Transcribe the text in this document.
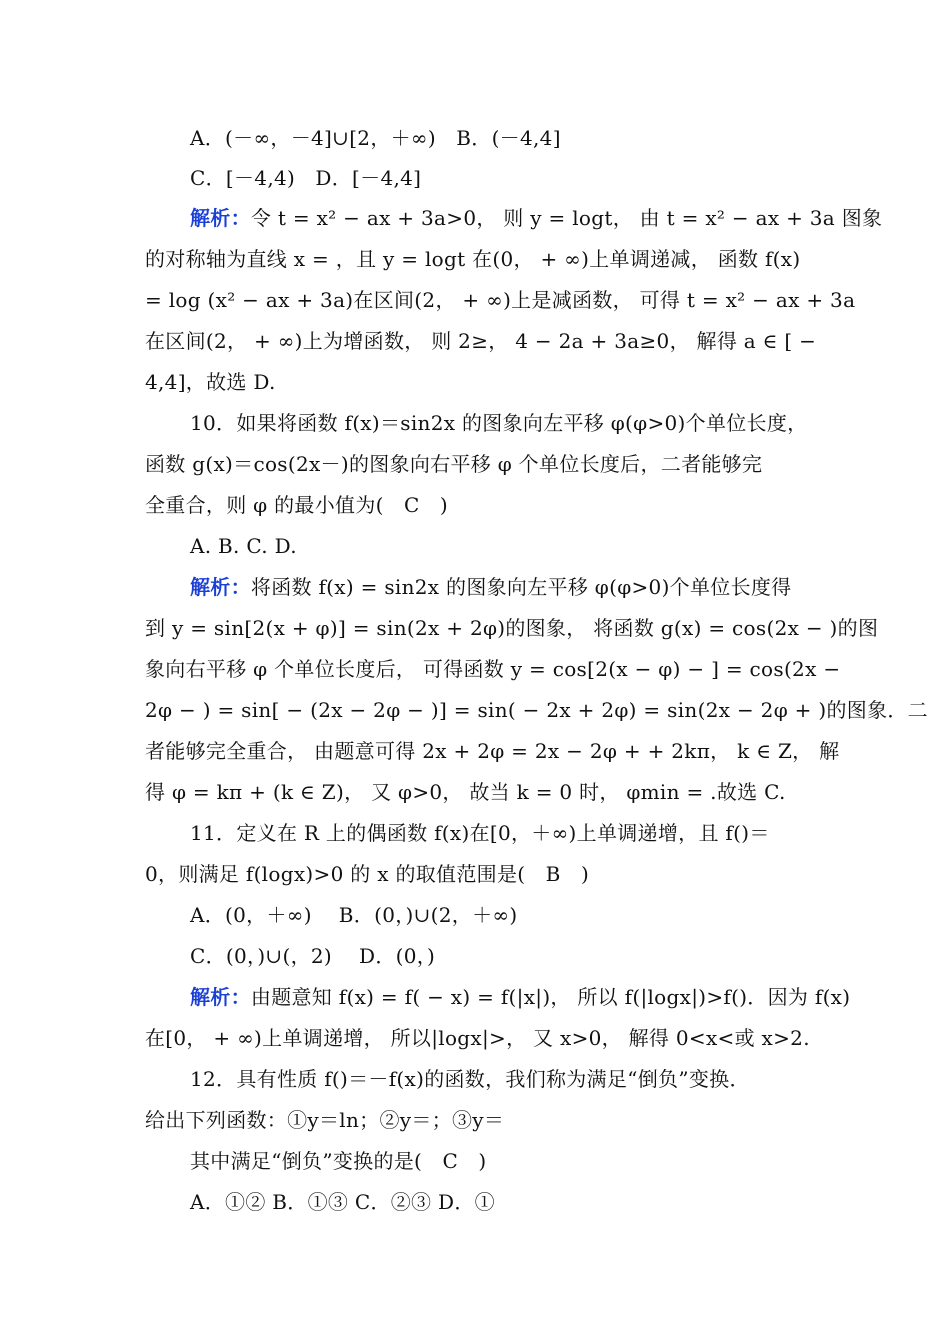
A．(－∞，－4]∪[2，＋∞)　B．(－4,4]
C．[－4,4)　D．[－4,4]
解析：令 t = x² − ax + 3a>0， 则 y = logt， 由 t = x² − ax + 3a 图象
的对称轴为直线 x = ，且 y = logt 在(0， + ∞)上单调递减， 函数 f(x)
= log (x² − ax + 3a)在区间(2， + ∞)上是减函数， 可得 t = x² − ax + 3a
在区间(2， + ∞)上为增函数， 则 2≥， 4 − 2a + 3a≥0， 解得 a ∈ [ −
4,4]，故选 D.
10．如果将函数 f(x)＝sin2x 的图象向左平移 φ(φ>0)个单位长度，
函数 g(x)＝cos(2x－)的图象向右平移 φ 个单位长度后，二者能够完
全重合，则 φ 的最小值为(　C　)
A. B. C. D.
解析：将函数 f(x) = sin2x 的图象向左平移 φ(φ>0)个单位长度得
到 y = sin[2(x + φ)] = sin(2x + 2φ)的图象， 将函数 g(x) = cos(2x − )的图
象向右平移 φ 个单位长度后， 可得函数 y = cos[2(x − φ) − ] = cos(2x −
2φ − ) = sin[ − (2x − 2φ − )] = sin( − 2x + 2φ) = sin(2x − 2φ + )的图象．二
者能够完全重合， 由题意可得 2x + 2φ = 2x − 2φ + + 2kπ， k ∈ Z， 解
得 φ = kπ + (k ∈ Z)， 又 φ>0， 故当 k = 0 时， φmin = .故选 C.
11．定义在 R 上的偶函数 f(x)在[0，＋∞)上单调递增，且 f()＝
0，则满足 f(logx)>0 的 x 的取值范围是(　B　)
A．(0，＋∞)　 B．(0，)∪(2，＋∞)
C．(0，)∪(，2)　 D．(0，)
解析：由题意知 f(x) = f( − x) = f(|x|)， 所以 f(|logx|)>f()．因为 f(x)
在[0， + ∞)上单调递增， 所以|logx|>， 又 x>0， 解得 0<x<或 x>2.
12．具有性质 f()＝－f(x)的函数，我们称为满足“倒负”变换．
给出下列函数：①y＝ln；②y＝；③y＝
其中满足“倒负”变换的是(　C　)
A．①② B．①③ C．②③ D．①
